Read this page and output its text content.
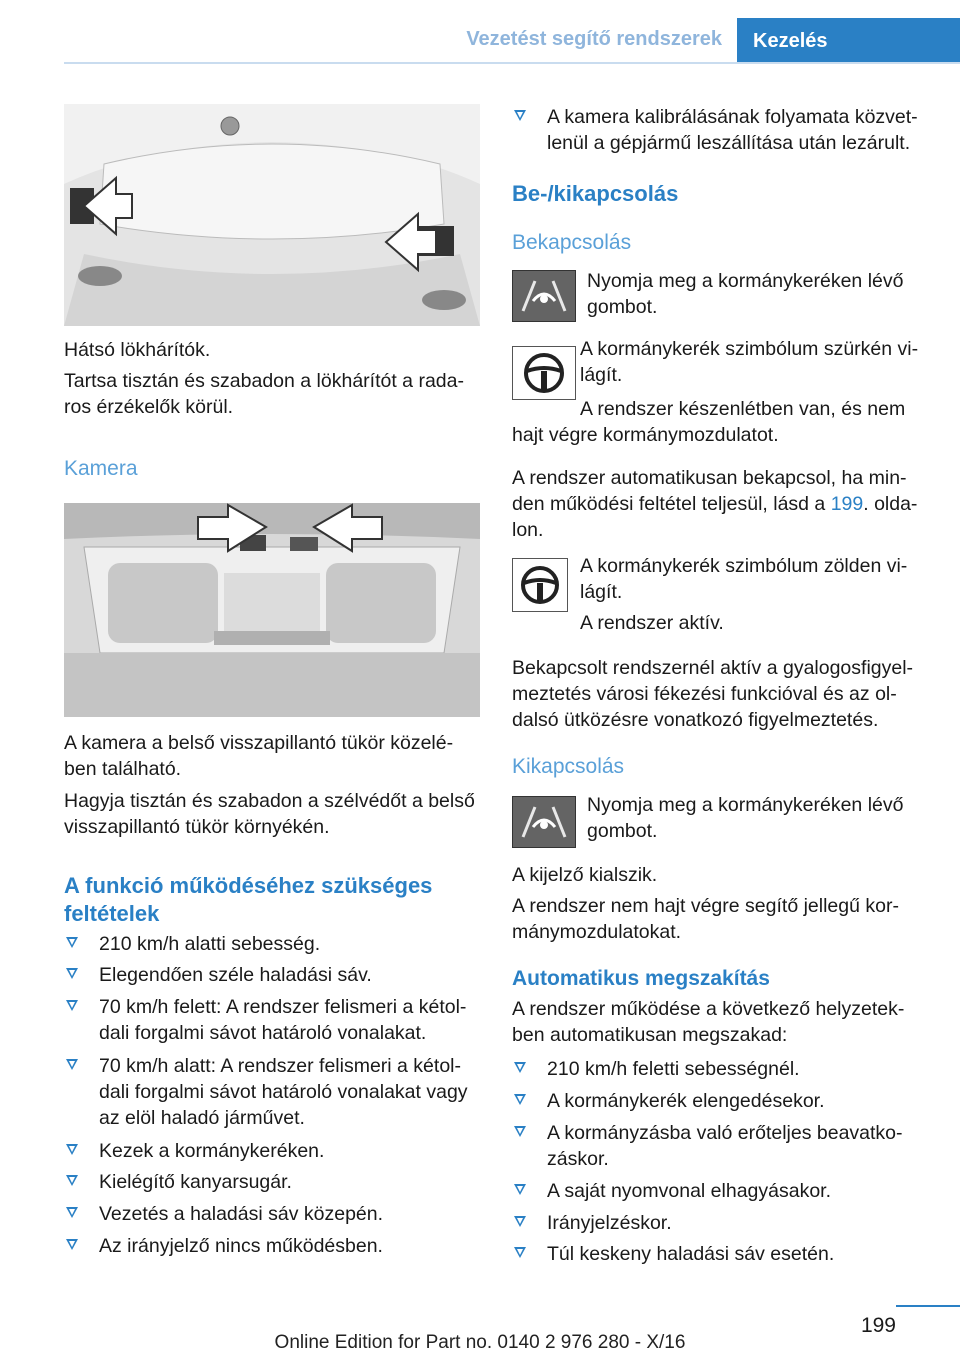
Vezetést segítő rendszerek	Kezelés

Hátsó lökhárítók.

Tartsa tisztán és szabadon a lökhárítót a rada-ros érzékelők körül.

Kamera

A kamera a belső visszapillantó tükör közelé-ben található.

Hagyja tisztán és szabadon a szélvédőt a belső visszapillantó tükör környékén.

A funkció működéséhez szükséges feltételek
210 km/h alatti sebesség.
Elegendően széle haladási sáv.
70 km/h felett: A rendszer felismeri a kétol-dali forgalmi sávot határoló vonalakat.
70 km/h alatt: A rendszer felismeri a kétol-dali forgalmi sávot határoló vonalakat vagy az elöl haladó járművet.
Kezek a kormánykeréken.
Kielégítő kanyarsugár.
Vezetés a haladási sáv közepén.
Az irányjelző nincs működésben.
A kamera kalibrálásának folyamata közvet-lenül a gépjármű leszállítása után lezárult.
Be-/kikapcsolás
Bekapcsolás

Nyomja meg a kormánykeréken lévő gombot.

A kormánykerék szimbólum szürkén vi-lágít.

A rendszer készenlétben van, és nem hajt végre kormánymozdulatot.

A rendszer automatikusan bekapcsol, ha min-den működési feltétel teljesül, lásd a 199. olda-lon.

A kormánykerék szimbólum zölden vi-lágít.

A rendszer aktív.

Bekapcsolt rendszernél aktív a gyalogosfigyel-meztetés városi fékezési funkcióval és az ol-dalsó ütközésre vonatkozó figyelmeztetés.

Kikapcsolás

Nyomja meg a kormánykeréken lévő gombot.

A kijelző kialszik.

A rendszer nem hajt végre segítő jellegű kor-mánymozdulatokat.

Automatikus megszakítás

A rendszer működése a következő helyzetek-ben automatikusan megszakad:

210 km/h feletti sebességnél.
A kormánykerék elengedésekor.
A kormányzásba való erőteljes beavatko-záskor.
A saját nyomvonal elhagyásakor.
Irányjelzéskor.
Túl keskeny haladási sáv esetén.
199
Online Edition for Part no. 0140 2 976 280 - X/16
